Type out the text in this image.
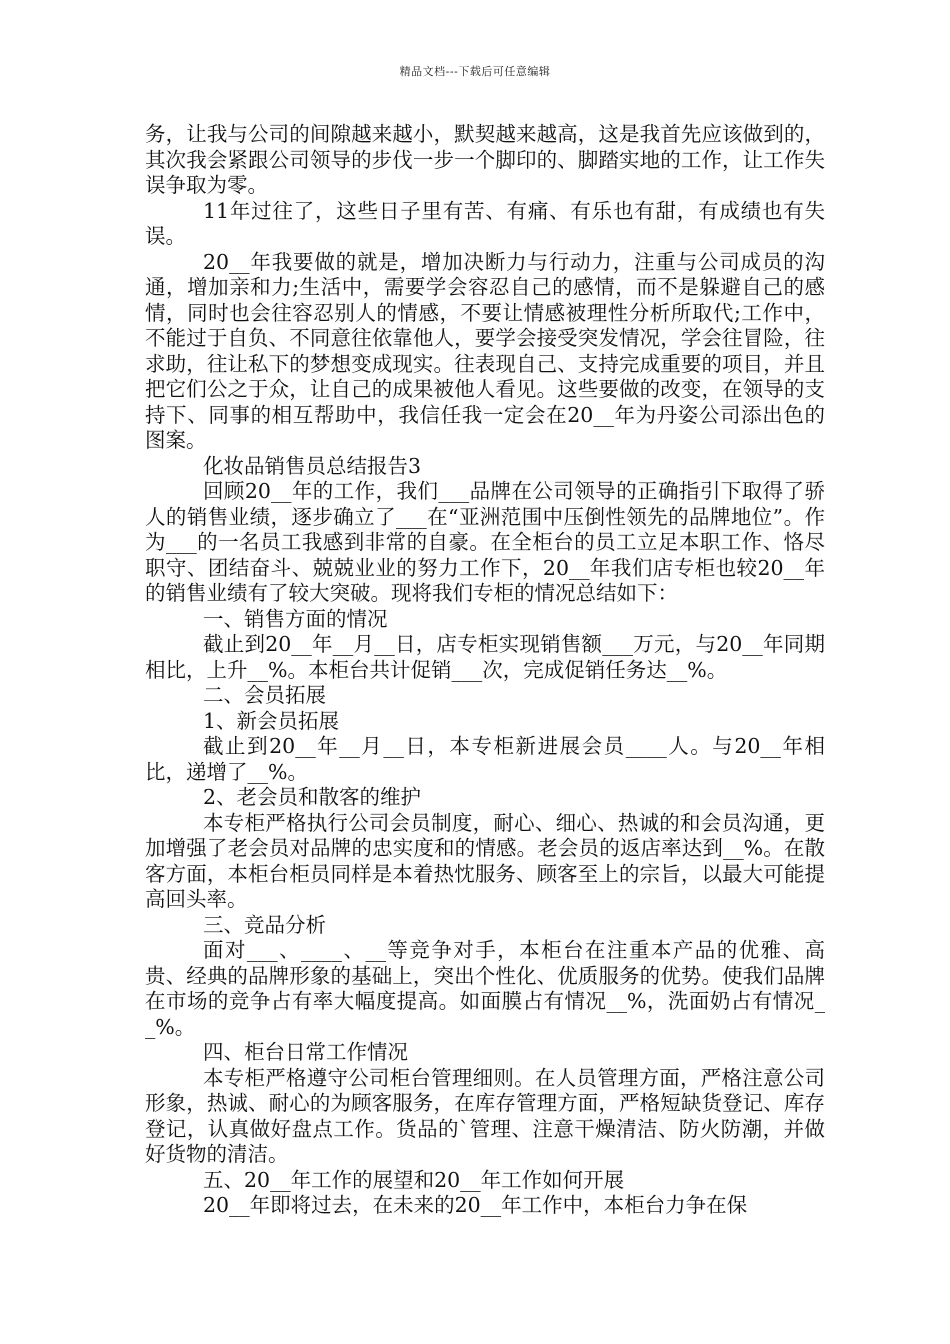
精品文档---下载后可任意编辑

务，让我与公司的间隙越来越小，默契越来越高，这是我首先应该做到的，其次我会紧跟公司领导的步伐一步一个脚印的、脚踏实地的工作，让工作失误争取为零。

11年过往了，这些日子里有苦、有痛、有乐也有甜，有成绩也有失误。

20__年我要做的就是，增加决断力与行动力，注重与公司成员的沟通，增加亲和力;生活中，需要学会容忍自己的感情，而不是躲避自己的感情，同时也会往容忍别人的情感，不要让情感被理性分析所取代;工作中，不能过于自负、不同意往依靠他人，要学会接受突发情况，学会往冒险，往求助，往让私下的梦想变成现实。往表现自己、支持完成重要的项目，并且把它们公之于众，让自己的成果被他人看见。这些要做的改变，在领导的支持下、同事的相互帮助中，我信任我一定会在20__年为丹姿公司添出色的图案。

化妆品销售员总结报告3

回顾20__年的工作，我们___品牌在公司领导的正确指引下取得了骄人的销售业绩，逐步确立了___在“亚洲范围中压倒性领先的品牌地位”。作为___的一名员工我感到非常的自豪。在全柜台的员工立足本职工作、恪尽职守、团结奋斗、兢兢业业的努力工作下，20__年我们店专柜也较20__年的销售业绩有了较大突破。现将我们专柜的情况总结如下：

一、销售方面的情况

截止到20__年__月__日，店专柜实现销售额___万元，与20__年同期相比，上升__%。本柜台共计促销___次，完成促销任务达__%。

二、会员拓展

1、新会员拓展

截止到20__年__月__日，本专柜新进展会员____人。与20__年相比，递增了__%。

2、老会员和散客的维护

本专柜严格执行公司会员制度，耐心、细心、热诚的和会员沟通，更加增强了老会员对品牌的忠实度和的情感。老会员的返店率达到__%。在散客方面，本柜台柜员同样是本着热忱服务、顾客至上的宗旨，以最大可能提高回头率。

三、竞品分析

面对___、____、__等竞争对手，本柜台在注重本产品的优雅、高贵、经典的品牌形象的基础上，突出个性化、优质服务的优势。使我们品牌在市场的竞争占有率大幅度提高。如面膜占有情况__%，洗面奶占有情况__%。

四、柜台日常工作情况

本专柜严格遵守公司柜台管理细则。在人员管理方面，严格注意公司形象，热诚、耐心的为顾客服务，在库存管理方面，严格短缺货登记、库存登记，认真做好盘点工作。货品的`管理、注意干燥清洁、防火防潮，并做好货物的清洁。

五、20__年工作的展望和20__年工作如何开展

20__年即将过去，在未来的20__年工作中，本柜台力争在保
